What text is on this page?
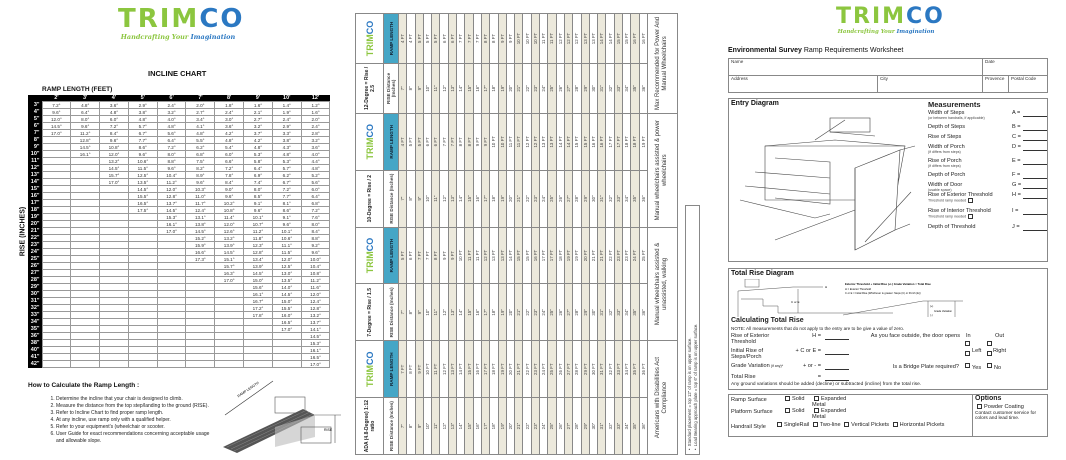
TRIMCO
Handcrafting Your Imagination
INCLINE CHART
RAMP LENGTH (FEET)
RISE (INCHES)
	2'	3'	4'	5'	6'	7'	8'	9'	10'	12'
3"	7.2°	4.8°	3.6°	2.9°	2.4°	2.0°	1.8°	1.6°	1.4°	1.2°
4"	9.6°	6.4°	4.8°	3.8°	3.2°	2.7°	2.4°	2.1°	1.9°	1.6°
5"	12.0°	8.0°	6.0°	4.8°	4.0°	3.4°	3.0°	2.7°	2.4°	2.0°
6"	14.5°	9.6°	7.2°	5.7°	4.8°	4.1°	3.6°	3.2°	2.9°	2.4°
7"	17.0°	11.2°	8.4°	6.7°	5.6°	4.8°	4.2°	3.7°	3.3°	2.8°
8"		12.8°	9.6°	7.7°	6.4°	5.5°	4.8°	4.2°	3.8°	3.2°
9"		14.5°	10.8°	8.6°	7.2°	6.2°	5.4°	4.8°	4.3°	3.6°
10"		16.1°	12.0°	9.6°	8.0°	6.8°	6.0°	5.3°	4.8°	4.0°
11"			13.2°	10.6°	8.8°	7.5°	6.6°	5.8°	5.3°	4.4°
12"			14.5°	11.5°	9.6°	8.2°	7.2°	6.4°	5.7°	4.8°
13"			15.7°	12.5°	10.4°	8.9°	7.8°	6.9°	6.2°	5.2°
14"			17.0°	13.5°	11.2°	9.6°	8.4°	7.4°	6.7°	5.6°
15"				14.5°	12.0°	10.3°	9.0°	8.0°	7.2°	6.0°
16"				15.5°	12.8°	11.0°	9.6°	8.5°	7.7°	6.4°
17"				16.5°	13.7°	11.7°	10.2°	9.1°	8.1°	6.8°
18"				17.5°	14.5°	12.4°	10.8°	9.6°	8.6°	7.2°
19"					15.3°	13.1°	11.4°	10.1°	9.1°	7.6°
20"					16.1°	13.8°	12.0°	10.7°	9.6°	8.0°
21"					17.0°	14.5°	12.6°	11.2°	10.1°	8.4°
22"						15.2°	13.2°	11.8°	10.6°	8.8°
23"						15.9°	13.9°	12.3°	11.1°	9.2°
24"						16.6°	14.5°	12.8°	11.5°	9.6°
25"						17.3°	15.1°	13.4°	12.0°	10.0°
26"							15.7°	13.9°	12.5°	10.4°
27"							16.3°	14.5°	13.0°	10.8°
28"							17.0°	15.0°	13.5°	11.2°
29"								15.6°	14.0°	11.6°
30"								16.1°	14.5°	12.0°
31"								16.7°	15.0°	12.4°
32"								17.2°	15.5°	12.8°
33"								17.8°	16.0°	13.2°
34"									16.5°	13.7°
35"									17.0°	14.1°
36"										14.5°
38"										15.3°
40"										16.1°
41"										16.5°
42"										17.0°
How to Calculate the Ramp Length :
1. Determine the incline that your chair is designed to climb.
2. Measure the distance from the top step/landing to the ground (RISE).
3. Refer to Incline Chart to find proper ramp length.
4. At any incline, use ramp only with a qualified helper.
5. Refer to your equipment's (wheelchair or scooter.
6. User Guide for exact recommendations concerning acceptable usage and allowable slope.
RAMP LENGTH
RISE	ADA (4.8-Degree) 1:12 ratio	TRIMCO	7-Degree = Rise / 1.5	TRIMCO	10-Degree = Rise / 2	TRIMCO	12-Degree = Rise / 2.5	TRIMCO
RISE Distance (Inches)	RAMP LENGTH	RISE Distance (Inches)	RAMP LENGTH	RISE Distance (Inches)	RAMP LENGTH	RISE Distance (Inches)	RAMP LENGTH
7"	7 FT	7"	5 FT	7"	4 FT	7"	4 FT
8"	8 FT	8"	6 FT	8"	5 FT	8"	4 FT
9"	9 FT	9"	7 FT	9"	5 FT	9"	5 FT
10"	10 FT	10"	7 FT	10"	6 FT	10"	5 FT
11"	11 FT	11"	8 FT	11"	6 FT	11"	5 FT
12"	12 FT	12"	9 FT	12"	7 FT	12"	6 FT
13"	13 FT	13"	9 FT	13"	7 FT	13"	6 FT
14"	14 FT	14"	10 FT	14"	8 FT	14"	7 FT
15"	15 FT	15"	11 FT	15"	8 FT	15"	7 FT
16"	16 FT	16"	11 FT	16"	9 FT	16"	7 FT
17"	17 FT	17"	12 FT	17"	9 FT	17"	8 FT
18"	18 FT	18"	13 FT	18"	10 FT	18"	8 FT
19"	19 FT	19"	13 FT	19"	10 FT	19"	9 FT
20"	20 FT	20"	14 FT	20"	11 FT	20"	9 FT
21"	21 FT	21"	15 FT	21"	11 FT	21"	10 FT
22"	22 FT	22"	15 FT	22"	12 FT	22"	10 FT
23"	23 FT	23"	16 FT	23"	12 FT	23"	10 FT
24"	24 FT	24"	17 FT	24"	13 FT	24"	11 FT
25"	25 FT	25"	17 FT	25"	13 FT	25"	11 FT
26"	26 FT	26"	18 FT	26"	14 FT	26"	12 FT
27"	27 FT	27"	19 FT	27"	14 FT	27"	12 FT
28"	28 FT	28"	19 FT	28"	15 FT	28"	12 FT
29"	29 FT	29"	20 FT	29"	15 FT	29"	13 FT
30"	30 FT	30"	21 FT	30"	16 FT	30"	13 FT
31"	31 FT	31"	21 FT	31"	16 FT	31"	14 FT
32"	32 FT	32"	22 FT	32"	17 FT	32"	14 FT
33"	33 FT	33"	23 FT	33"	17 FT	33"	15 FT
34"	34 FT	34"	23 FT	34"	18 FT	34"	15 FT
35"	35 FT	35"	24 FT	35"	18 FT	35"	16 FT
36"	36 FT	36"	25 FT	36"	19 FT	36"	16 FT
Americans with Disabilities Act Compliance		Manual wheelchairs assisted & unassisted, walking		Manual wheelchairs assisted & power wheelchairs		Max Recommended for Power And Manual Wheelchairs	
•  Standard placement = top 12" of ramp is on upper surface.
•  Load Bearing approach plate = top 6" of ramp is on upper surface.
TRIMCO
Handcrafting Your Imagination
Environmental Survey Ramp Requirements Worksheet
Name	Date
Address	City	Provence Postal Code
Entry Diagram	Measurements
Width of Steps
(or between handrails, if applicable)
A =
Depth of Steps	B =
Rise of Steps	C =
Width of Porch
(if differs from steps)
D =
Rise of Porch
(if differs from steps)
E =
Depth of Porch	F =
Width of Door
(usable space)
G =
Rise of Exterior Threshold
Threshold ramp needed
H =
Rise of Interior Threshold
Threshold ramp needed
I =
Depth of Threshold	J =
Total Rise Diagram
H
C or E
Exterior Threshold + Initial Rise (+/-) Grade Variation = Total Rise
H = Exterior Threshold
C or E = Initial Rise (Whichever is greater: Steps (C) or Porch (E))
(+)
(-)
Grade Variation
Calculating Total Rise
NOTE: All measurements that do not apply to the entry are to be give a value of zero.
Rise of Exterior Threshold
H =
Initial Rise of Steps/Porch
+ C or E =
Grade Variation(if any)*	+ or - =
Total Rise	=
As you face outside, the door opens In	Out
Left Right
Is a Bridge Plate required? Yes No
Any ground variations should be added (decline) or subtracted (incline) from the total rise.
Ramp Surface	Solid	Expanded Metal
Platform Surface	Solid	Expanded Metal
Handrail Style	SingleRail Two-line Vertical Pickets Horizontal Pickets
Options
Powder Coating
Contact customer service for colors and lead time.
